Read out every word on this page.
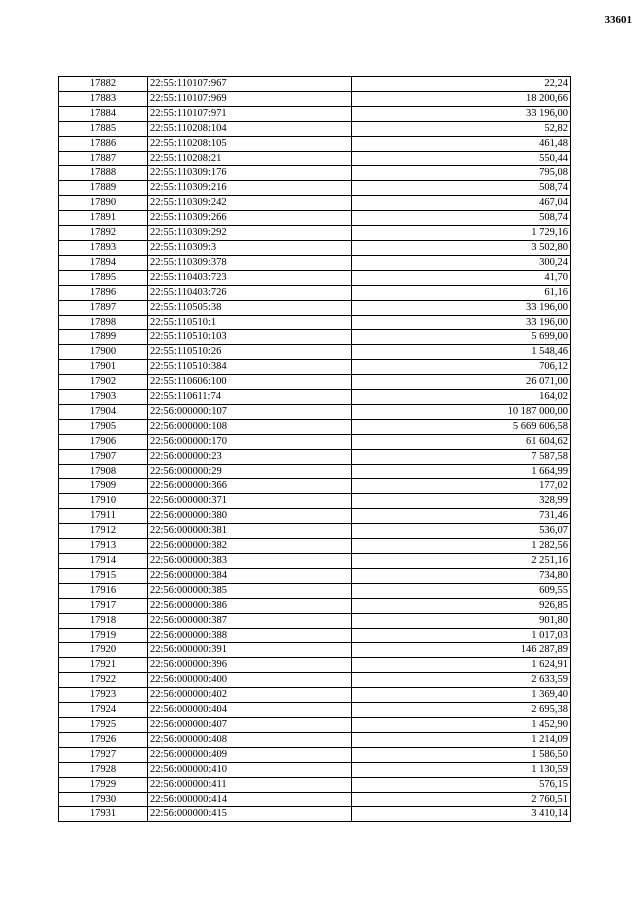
33601
17882	22:55:110107:967	22,24
17883	22:55:110107:969	18 200,66
17884	22:55:110107:971	33 196,00
17885	22:55:110208:104	52,82
17886	22:55:110208:105	461,48
17887	22:55:110208:21	550,44
17888	22:55:110309:176	795,08
17889	22:55:110309:216	508,74
17890	22:55:110309:242	467,04
17891	22:55:110309:266	508,74
17892	22:55:110309:292	1 729,16
17893	22:55:110309:3	3 502,80
17894	22:55:110309:378	300,24
17895	22:55:110403:723	41,70
17896	22:55:110403:726	61,16
17897	22:55:110505:38	33 196,00
17898	22:55:110510:1	33 196,00
17899	22:55:110510:103	5 699,00
17900	22:55:110510:26	1 548,46
17901	22:55:110510:384	706,12
17902	22:55:110606:100	26 071,00
17903	22:55:110611:74	164,02
17904	22:56:000000:107	10 187 000,00
17905	22:56:000000:108	5 669 606,58
17906	22:56:000000:170	61 604,62
17907	22:56:000000:23	7 587,58
17908	22:56:000000:29	1 664,99
17909	22:56:000000:366	177,02
17910	22:56:000000:371	328,99
17911	22:56:000000:380	731,46
17912	22:56:000000:381	536,07
17913	22:56:000000:382	1 282,56
17914	22:56:000000:383	2 251,16
17915	22:56:000000:384	734,80
17916	22:56:000000:385	609,55
17917	22:56:000000:386	926,85
17918	22:56:000000:387	901,80
17919	22:56:000000:388	1 017,03
17920	22:56:000000:391	146 287,89
17921	22:56:000000:396	1 624,91
17922	22:56:000000:400	2 633,59
17923	22:56:000000:402	1 369,40
17924	22:56:000000:404	2 695,38
17925	22:56:000000:407	1 452,90
17926	22:56:000000:408	1 214,09
17927	22:56:000000:409	1 586,50
17928	22:56:000000:410	1 130,59
17929	22:56:000000:411	576,15
17930	22:56:000000:414	2 760,51
17931	22:56:000000:415	3 410,14
